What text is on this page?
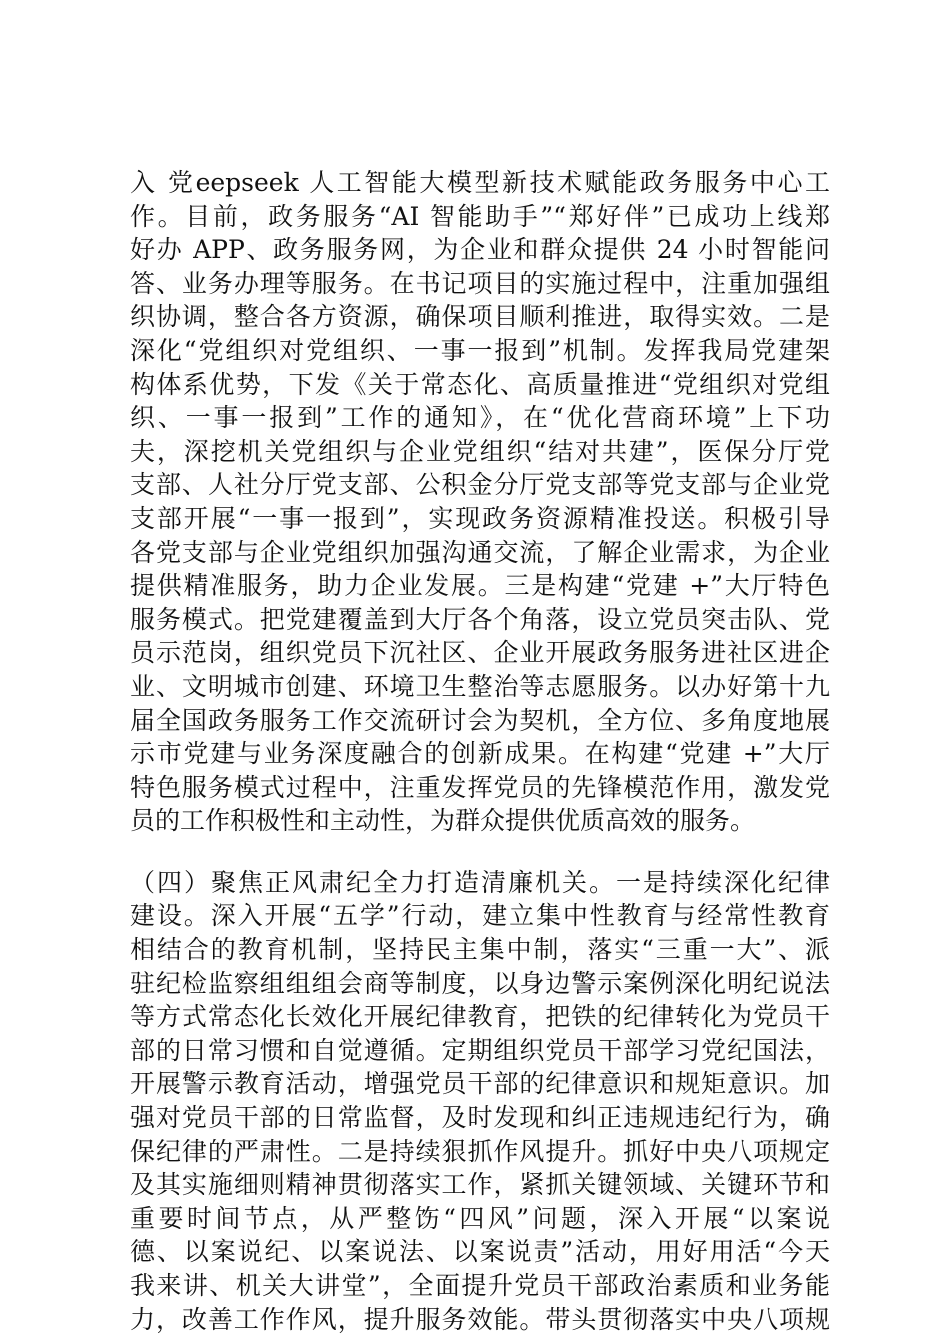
入 党eepseek 人工智能大模型新技术赋能政务服务中心工
作。目前，政务服务“AI 智能助手”“郑好伴”已成功上线郑
好办 APP、政务服务网，为企业和群众提供 24 小时智能问
答、业务办理等服务。在书记项目的实施过程中，注重加强组
织协调，整合各方资源，确保项目顺利推进，取得实效。二是
深化“党组织对党组织、一事一报到”机制。发挥我局党建架
构体系优势，下发《关于常态化、高质量推进“党组织对党组
织、一事一报到”工作的通知》，在“优化营商环境”上下功
夫，深挖机关党组织与企业党组织“结对共建”，医保分厅党
支部、人社分厅党支部、公积金分厅党支部等党支部与企业党
支部开展“一事一报到”，实现政务资源精准投送。积极引导
各党支部与企业党组织加强沟通交流，了解企业需求，为企业
提供精准服务，助力企业发展。三是构建“党建 +”大厅特色
服务模式。把党建覆盖到大厅各个角落，设立党员突击队、党
员示范岗，组织党员下沉社区、企业开展政务服务进社区进企
业、文明城市创建、环境卫生整治等志愿服务。以办好第十九
届全国政务服务工作交流研讨会为契机，全方位、多角度地展
示市党建与业务深度融合的创新成果。在构建“党建 +”大厅
特色服务模式过程中，注重发挥党员的先锋模范作用，激发党
员的工作积极性和主动性，为群众提供优质高效的服务。
（四）聚焦正风肃纪全力打造清廉机关。一是持续深化纪律
建设。深入开展“五学”行动，建立集中性教育与经常性教育
相结合的教育机制，坚持民主集中制，落实“三重一大”、派
驻纪检监察组组组会商等制度，以身边警示案例深化明纪说法
等方式常态化长效化开展纪律教育，把铁的纪律转化为党员干
部的日常习惯和自觉遵循。定期组织党员干部学习党纪国法，
开展警示教育活动，增强党员干部的纪律意识和规矩意识。加
强对党员干部的日常监督，及时发现和纠正违规违纪行为，确
保纪律的严肃性。二是持续狠抓作风提升。抓好中央八项规定
及其实施细则精神贯彻落实工作，紧抓关键领域、关键环节和
重要时间节点，从严整饬“四风”问题，深入开展“以案说
德、以案说纪、以案说法、以案说责”活动，用好用活“今天
我来讲、机关大讲堂”，全面提升党员干部政治素质和业务能
力，改善工作作风，提升服务效能。带头贯彻落实中央八项规
